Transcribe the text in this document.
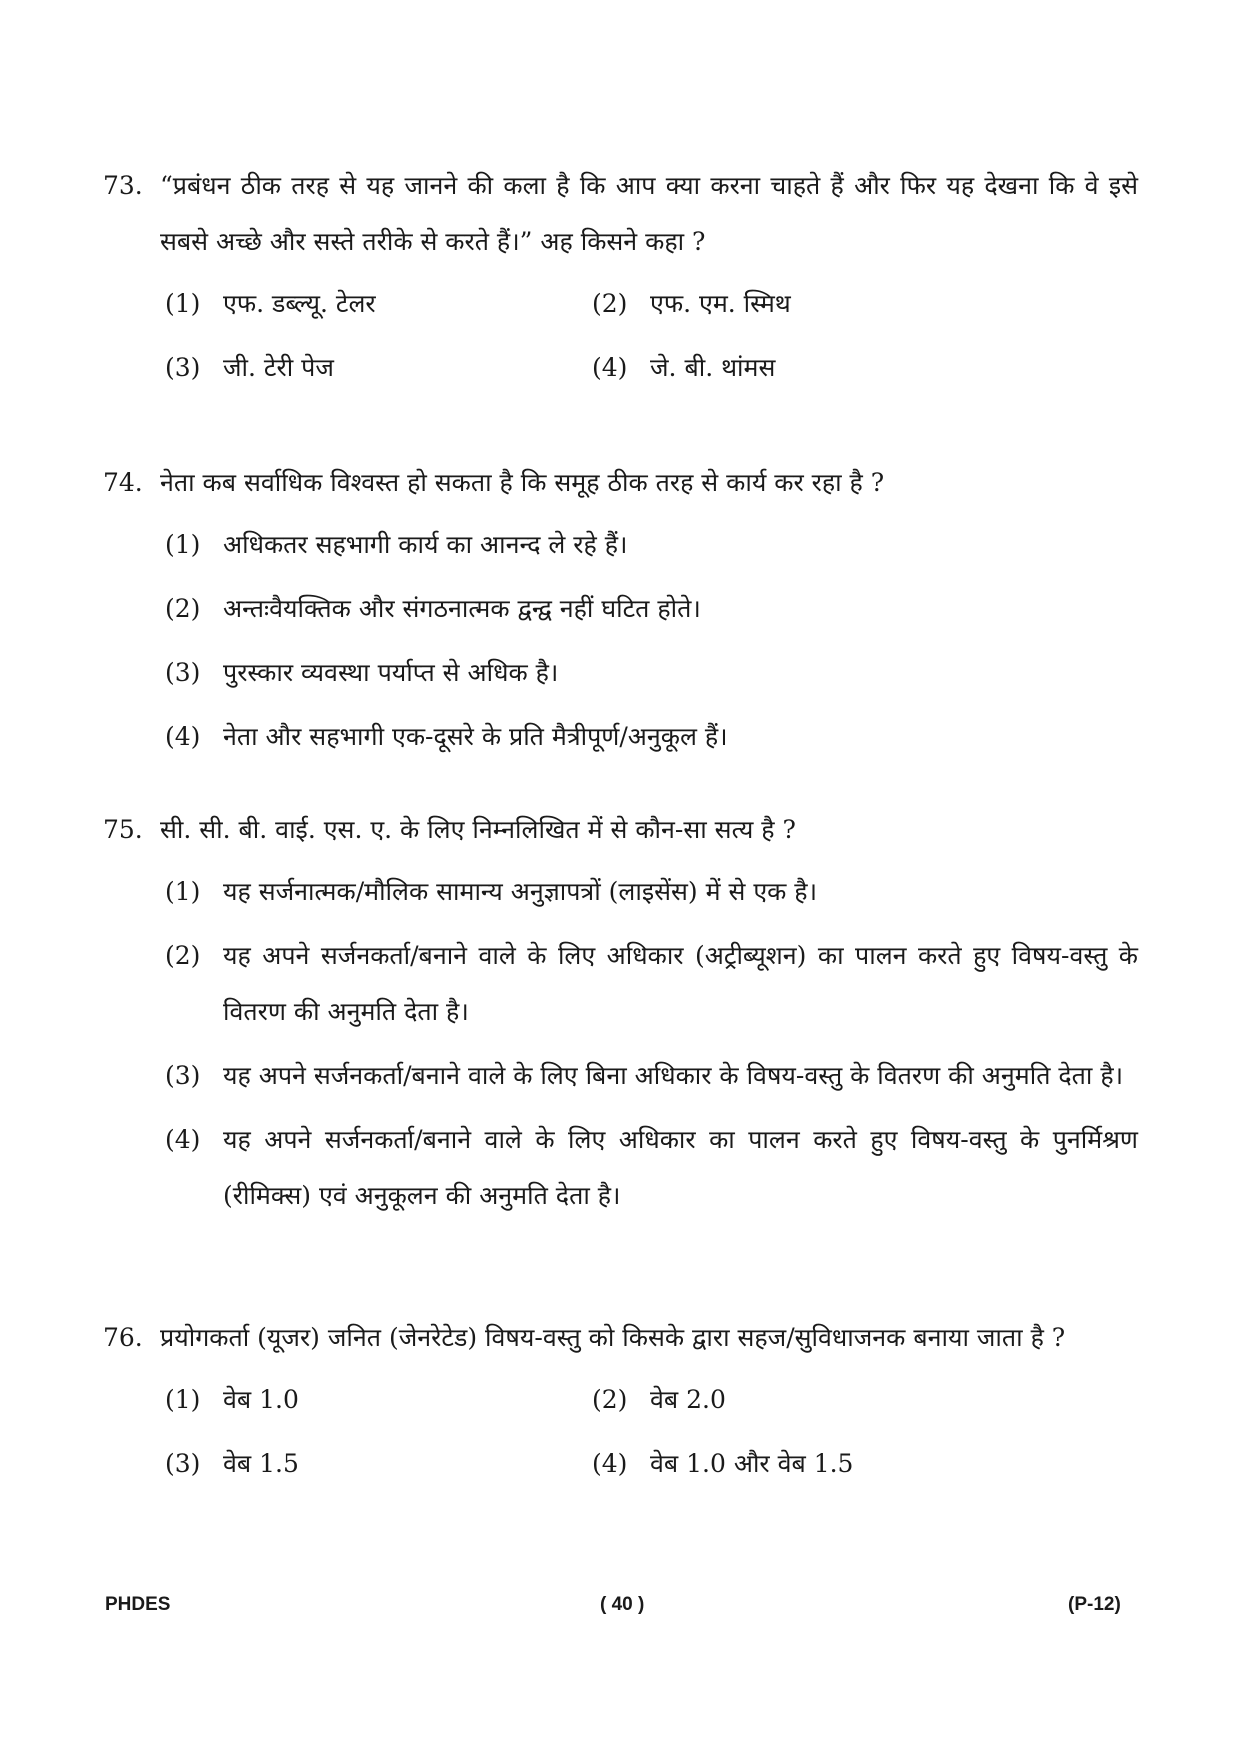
73. “प्रबंधन ठीक तरह से यह जानने की कला है कि आप क्या करना चाहते हैं और फिर यह देखना कि वे इसे सबसे अच्छे और सस्ते तरीके से करते हैं।” अह किसने कहा ?
(1) एफ. डब्ल्यू. टेलर	(2) एफ. एम. स्मिथ
(3) जी. टेरी पेज	(4) जे. बी. थांमस
74. नेता कब सर्वाधिक विश्वस्त हो सकता है कि समूह ठीक तरह से कार्य कर रहा है ?
(1) अधिकतर सहभागी कार्य का आनन्द ले रहे हैं।
(2) अन्तःवैयक्तिक और संगठनात्मक द्वन्द्व नहीं घटित होते।
(3) पुरस्कार व्यवस्था पर्याप्त से अधिक है।
(4) नेता और सहभागी एक-दूसरे के प्रति मैत्रीपूर्ण/अनुकूल हैं।
75. सी. सी. बी. वाई. एस. ए. के लिए निम्नलिखित में से कौन-सा सत्य है ?
(1) यह सर्जनात्मक/मौलिक सामान्य अनुज्ञापत्रों (लाइसेंस) में से एक है।
(2) यह अपने सर्जनकर्ता/बनाने वाले के लिए अधिकार (अट्रीब्यूशन) का पालन करते हुए विषय-वस्तु के वितरण की अनुमति देता है।
(3) यह अपने सर्जनकर्ता/बनाने वाले के लिए बिना अधिकार के विषय-वस्तु के वितरण की अनुमति देता है।
(4) यह अपने सर्जनकर्ता/बनाने वाले के लिए अधिकार का पालन करते हुए विषय-वस्तु के पुनर्मिश्रण (रीमिक्स) एवं अनुकूलन की अनुमति देता है।
76. प्रयोगकर्ता (यूजर) जनित (जेनरेटेड) विषय-वस्तु को किसके द्वारा सहज/सुविधाजनक बनाया जाता है ?
(1) वेब 1.0	(2) वेब 2.0
(3) वेब 1.5	(4) वेब 1.0 और वेब 1.5
PHDES	( 40 )	(P-12)
